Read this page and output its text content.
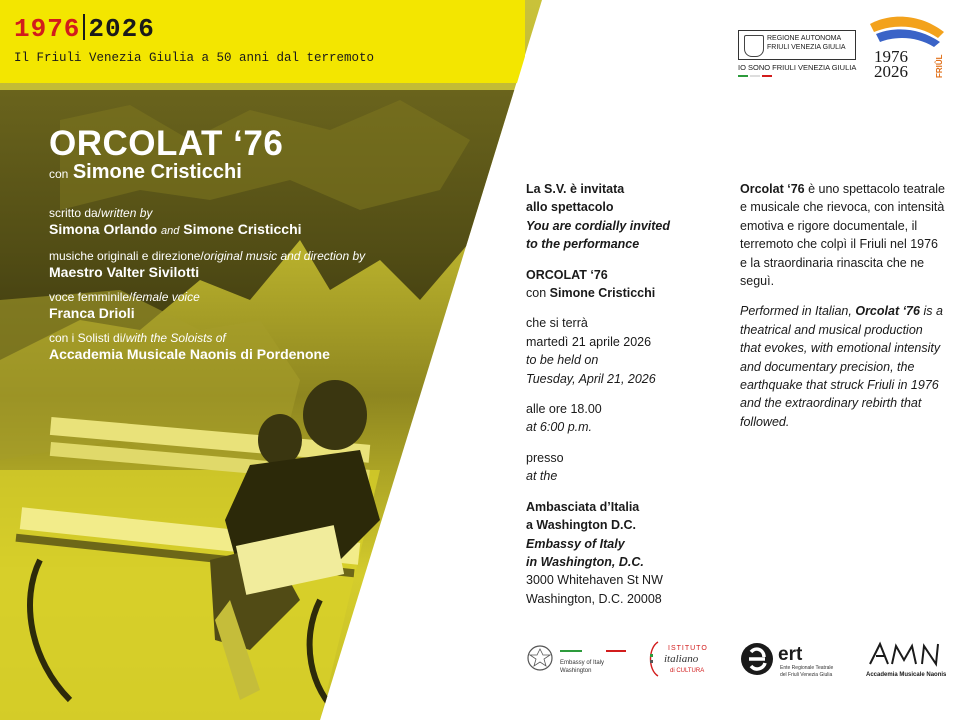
1976 2026
Il Friuli Venezia Giulia a 50 anni dal terremoto
ORCOLAT ‘76
con Simone Cristicchi
scritto da/written by
Simona Orlando and Simone Cristicchi
musiche originali e direzione/original music and direction by
Maestro Valter Sivilotti
voce femminile/female voice
Franca Drioli
con i Solisti di/with the Soloists of
Accademia Musicale Naonis di Pordenone
REGIONE AUTONOMA
FRIULI VENEZIA GIULIA
IO SONO FRIULI VENEZIA GIULIA
1976
2026	FRIÛL

La S.V. è invitata
allo spettacolo
You are cordially invited
to the performance

ORCOLAT ‘76
con Simone Cristicchi

che si terrà
martedì 21 aprile 2026
to be held on
Tuesday, April 21, 2026

alle ore 18.00
at 6:00 p.m.

presso
at the

Ambasciata d’Italia
a Washington D.C.
Embassy of Italy
in Washington, D.C.
3000 Whitehaven St NW
Washington, D.C. 20008

Orcolat ‘76 è uno spettacolo teatrale e musicale che rievoca, con intensità emotiva e rigore documentale, il terremoto che colpì il Friuli nel 1976 e la straordinaria rinascita che ne seguì.

Performed in Italian, Orcolat ‘76 is a theatrical and musical production that evokes, with emotional intensity and documentary precision, the earthquake that struck Friuli in 1976 and the extraordinary rebirth that followed.

Embassy of Italy
Washington
ISTITUTO
italiano
di CULTURA
ert
Ente Regionale Teatrale
del Friuli Venezia Giulia
AMN
Accademia Musicale Naonis
